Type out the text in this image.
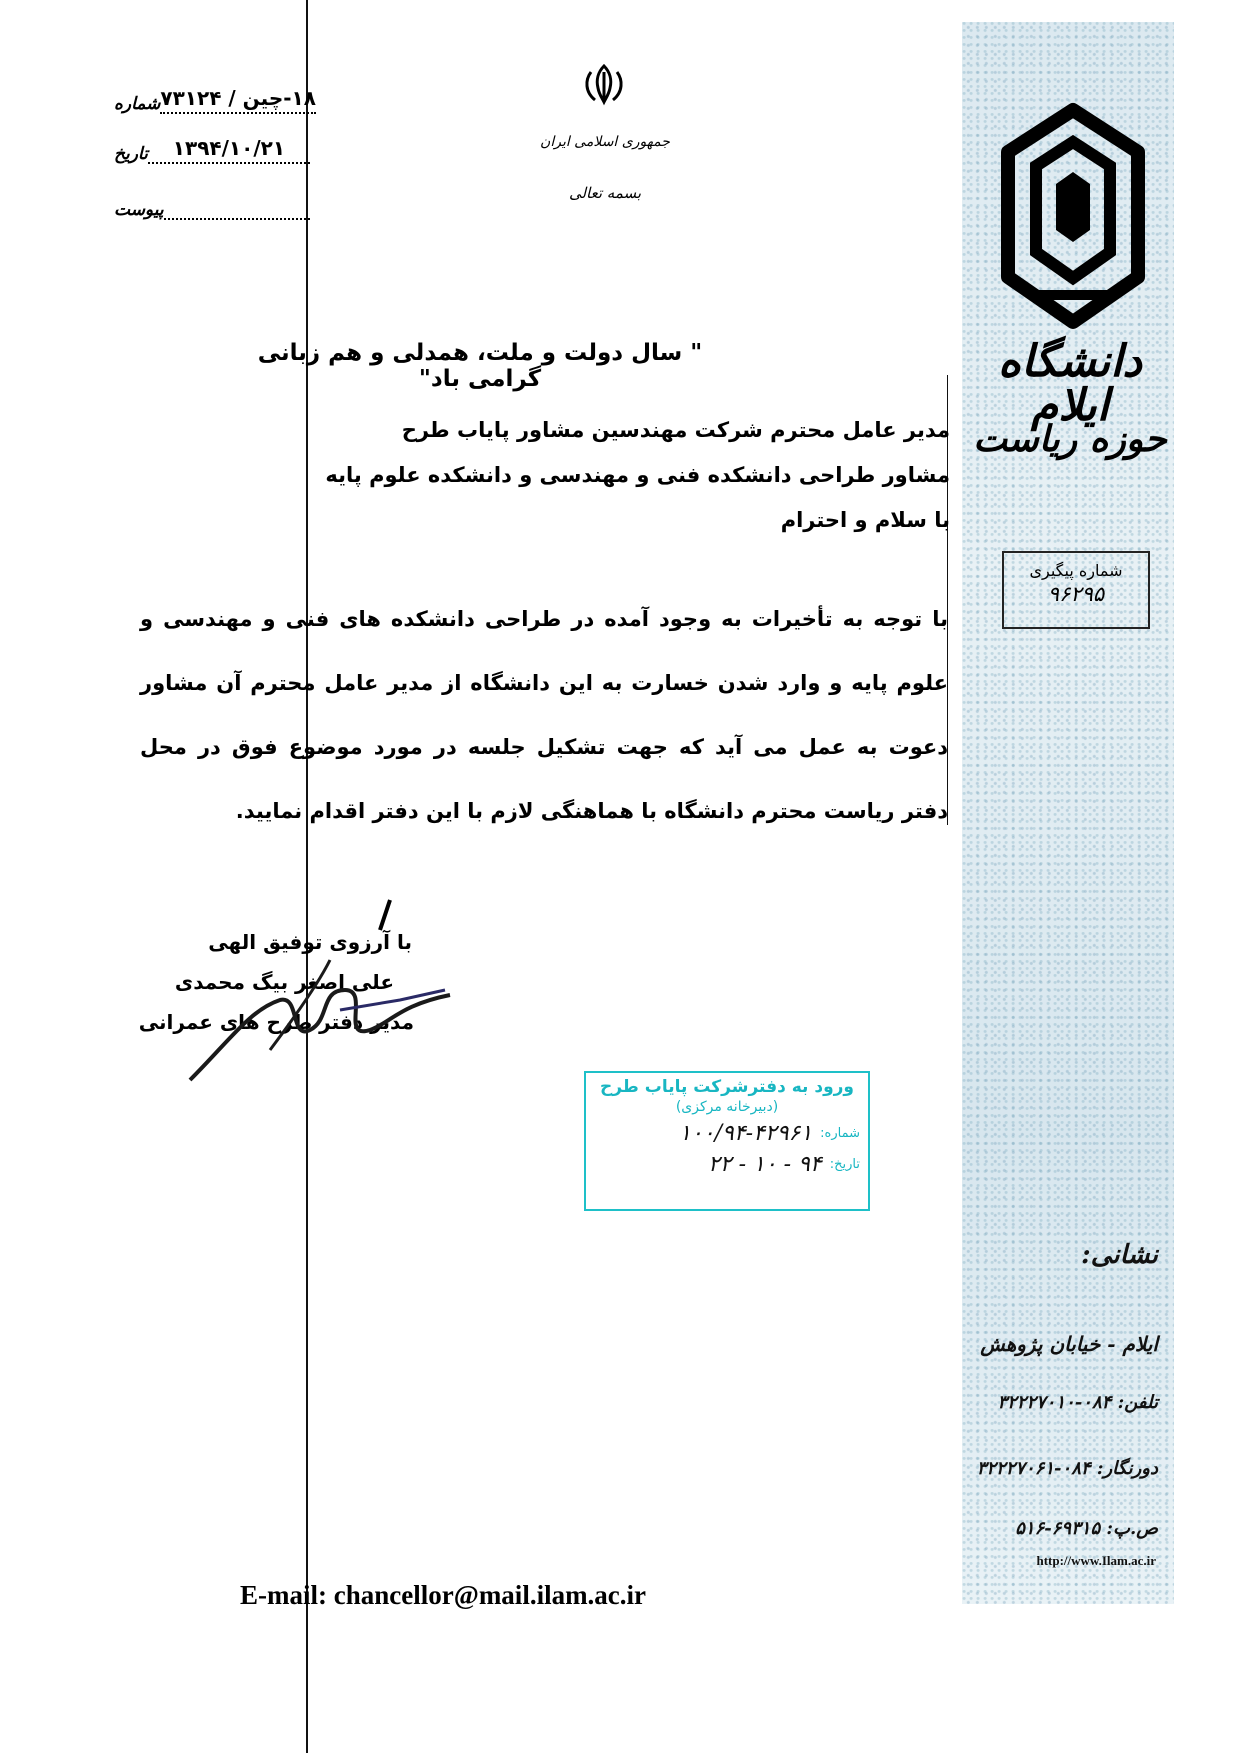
شماره ۱۸-چین / ۷۳۱۲۴
تاریخ	۱۳۹۴/۱۰/۲۱
پیوست

جمهوری اسلامی ایران
بسمه تعالی
" سال دولت و ملت، همدلی و هم زبانی گرامی باد"
مدیر عامل محترم شرکت مهندسین مشاور پایاب طرح
مشاور طراحی دانشکده فنی و مهندسی و دانشکده علوم پایه
با سلام و احترام
با توجه به تأخیرات به وجود آمده در طراحی دانشکده های فنی و مهندسی و علوم پایه و وارد شدن خسارت به این دانشگاه از مدیر عامل محترم آن مشاور دعوت به عمل می آید که جهت تشکیل جلسه در مورد موضوع فوق در محل دفتر ریاست محترم دانشگاه با هماهنگی لازم با این دفتر اقدام نمایید.
با آرزوی توفیق الهی
علی اصغر بیگ محمدی
مدیر دفتر طرح های عمرانی
ورود به دفترشرکت پایاب طرح
(دبیرخانه مرکزی)
شماره:
۱۰۰/۹۴-۴۲۹۶۱
تاریخ:
۹۴ - ۱۰ - ۲۲
E-mail: chancellor@mail.ilam.ac.ir
دانشگاه ایلام
حوزه ریاست
شماره پیگیری
۹۶۲۹۵
نشانی:
ایلام - خیابان پژوهش
تلفن: ۰۸۴-۳۲۲۲۷۰۱۰
دورنگار: ۰۸۴-۳۲۲۲۷۰۶۱
ص.پ: ۶۹۳۱۵-۵۱۶
http://www.Ilam.ac.ir
